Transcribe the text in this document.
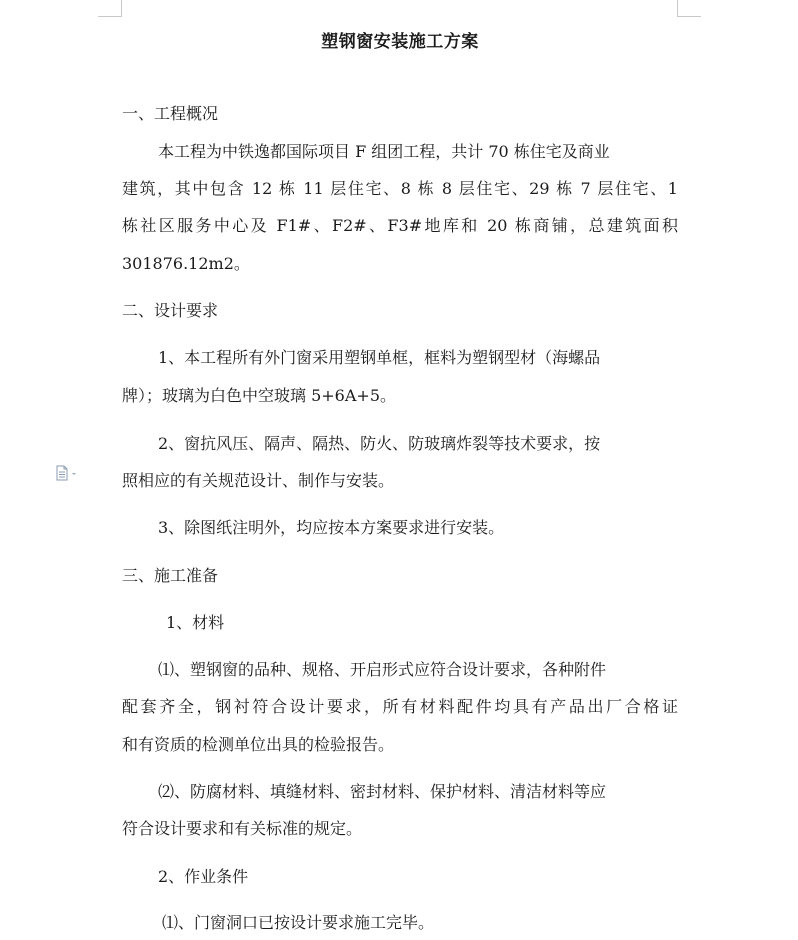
塑钢窗安装施工方案
一、工程概况
本工程为中铁逸都国际项目 F 组团工程，共计 70 栋住宅及商业
建筑，其中包含 12 栋 11 层住宅、8 栋 8 层住宅、29 栋 7 层住宅、1
栋社区服务中心及 F1#、F2#、F3#地库和 20 栋商铺，总建筑面积
301876.12m2。
二、设计要求
1、本工程所有外门窗采用塑钢单框，框料为塑钢型材（海螺品
牌）；玻璃为白色中空玻璃 5+6A+5。
2、窗抗风压、隔声、隔热、防火、防玻璃炸裂等技术要求，按
照相应的有关规范设计、制作与安装。
3、除图纸注明外，均应按本方案要求进行安装。
三、施工准备
1、材料
⑴、塑钢窗的品种、规格、开启形式应符合设计要求，各种附件
配套齐全，钢衬符合设计要求，所有材料配件均具有产品出厂合格证
和有资质的检测单位出具的检验报告。
⑵、防腐材料、填缝材料、密封材料、保护材料、清洁材料等应
符合设计要求和有关标准的规定。
2、作业条件
⑴、门窗洞口已按设计要求施工完毕。
